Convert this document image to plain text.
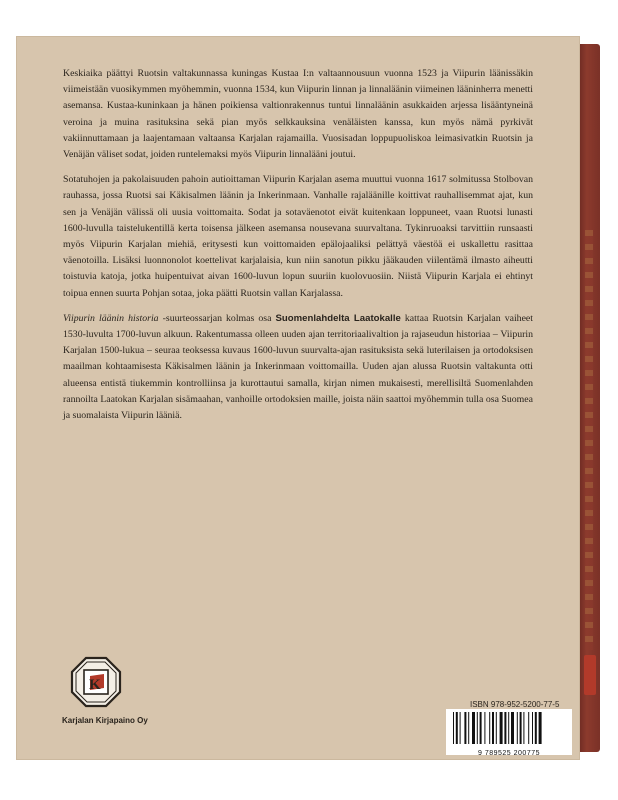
Keskiaika päättyi Ruotsin valtakunnassa kuningas Kustaa I:n valtaannousuun vuonna 1523 ja Viipurin läänissäkin viimeistään vuosikymmen myöhemmin, vuonna 1534, kun Viipurin linnan ja linnaläänin viimeinen lääninherra menetti asemansa. Kustaa-kuninkaan ja hänen poikiensa valtionrakennus tuntui linnaläänin asukkaiden arjessa lisääntyneinä veroina ja muina rasituksina sekä pian myös selkkauksina venäläisten kanssa, kun myös nämä pyrkivät vakiinnuttamaan ja laajentamaan valtaansa Karjalan rajamailla. Vuosisadan loppupuoliskoa leimasivatkin Ruotsin ja Venäjän väliset sodat, joiden runtelemaksi myös Viipurin linnalääni joutui.

Sotatuhojen ja pakolaisuuden pahoin autioittaman Viipurin Karjalan asema muuttui vuonna 1617 solmitussa Stolbovan rauhassa, jossa Ruotsi sai Käkisalmen läänin ja Inkerinmaan. Vanhalle rajaläänille koittivat rauhallisemmat ajat, kun sen ja Venäjän välissä oli uusia voittomaita. Sodat ja sotaväenotot eivät kuitenkaan loppuneet, vaan Ruotsi lunasti 1600-luvulla taistelukentillä kerta toisensa jälkeen asemansa nousevana suurvaltana. Tykinruoaksi tarvittiin runsaasti myös Viipurin Karjalan miehiä, eritysesti kun voittomaiden epälojaaliksi pelättyä väestöä ei uskallettu rasittaa väenotoilla. Lisäksi luonnonolot koettelivat karjalaisia, kun niin sanotun pikku jääkauden viilentämä ilmasto aiheutti toistuvia katoja, jotka huipentuivat aivan 1600-luvun lopun suuriin kuolovuosiin. Niistä Viipurin Karjala ei ehtinyt toipua ennen suurta Pohjan sotaa, joka päätti Ruotsin vallan Karjalassa.

Viipurin läänin historia -suurteossarjan kolmas osa Suomenlahdelta Laatokalle kattaa Ruotsin Karjalan vaiheet 1530-luvulta 1700-luvun alkuun. Rakentumassa olleen uuden ajan territoriaalivaltion ja rajaseudun historiaa – Viipurin Karjalan 1500-lukua – seuraa teoksessa kuvaus 1600-luvun suurvalta-ajan rasituksista sekä luterilaisen ja ortodoksisen maailman kohtaamisesta Käkisalmen läänin ja Inkerinmaan voittomailla. Uuden ajan alussa Ruotsin valtakunta otti alueensa entistä tiukemmin kontrolliinsa ja kurottautui samalla, kirjan nimen mukaisesti, merellisiltä Suomenlahden rannoilta Laatokan Karjalan sisämaahan, vanhoille ortodoksien maille, joista näin saattoi myöhemmin tulla osa Suomea ja suomalaista Viipurin lääniä.

K
Karjalan Kirjapaino Oy
ISBN 978-952-5200-77-5
9 789525 200775
